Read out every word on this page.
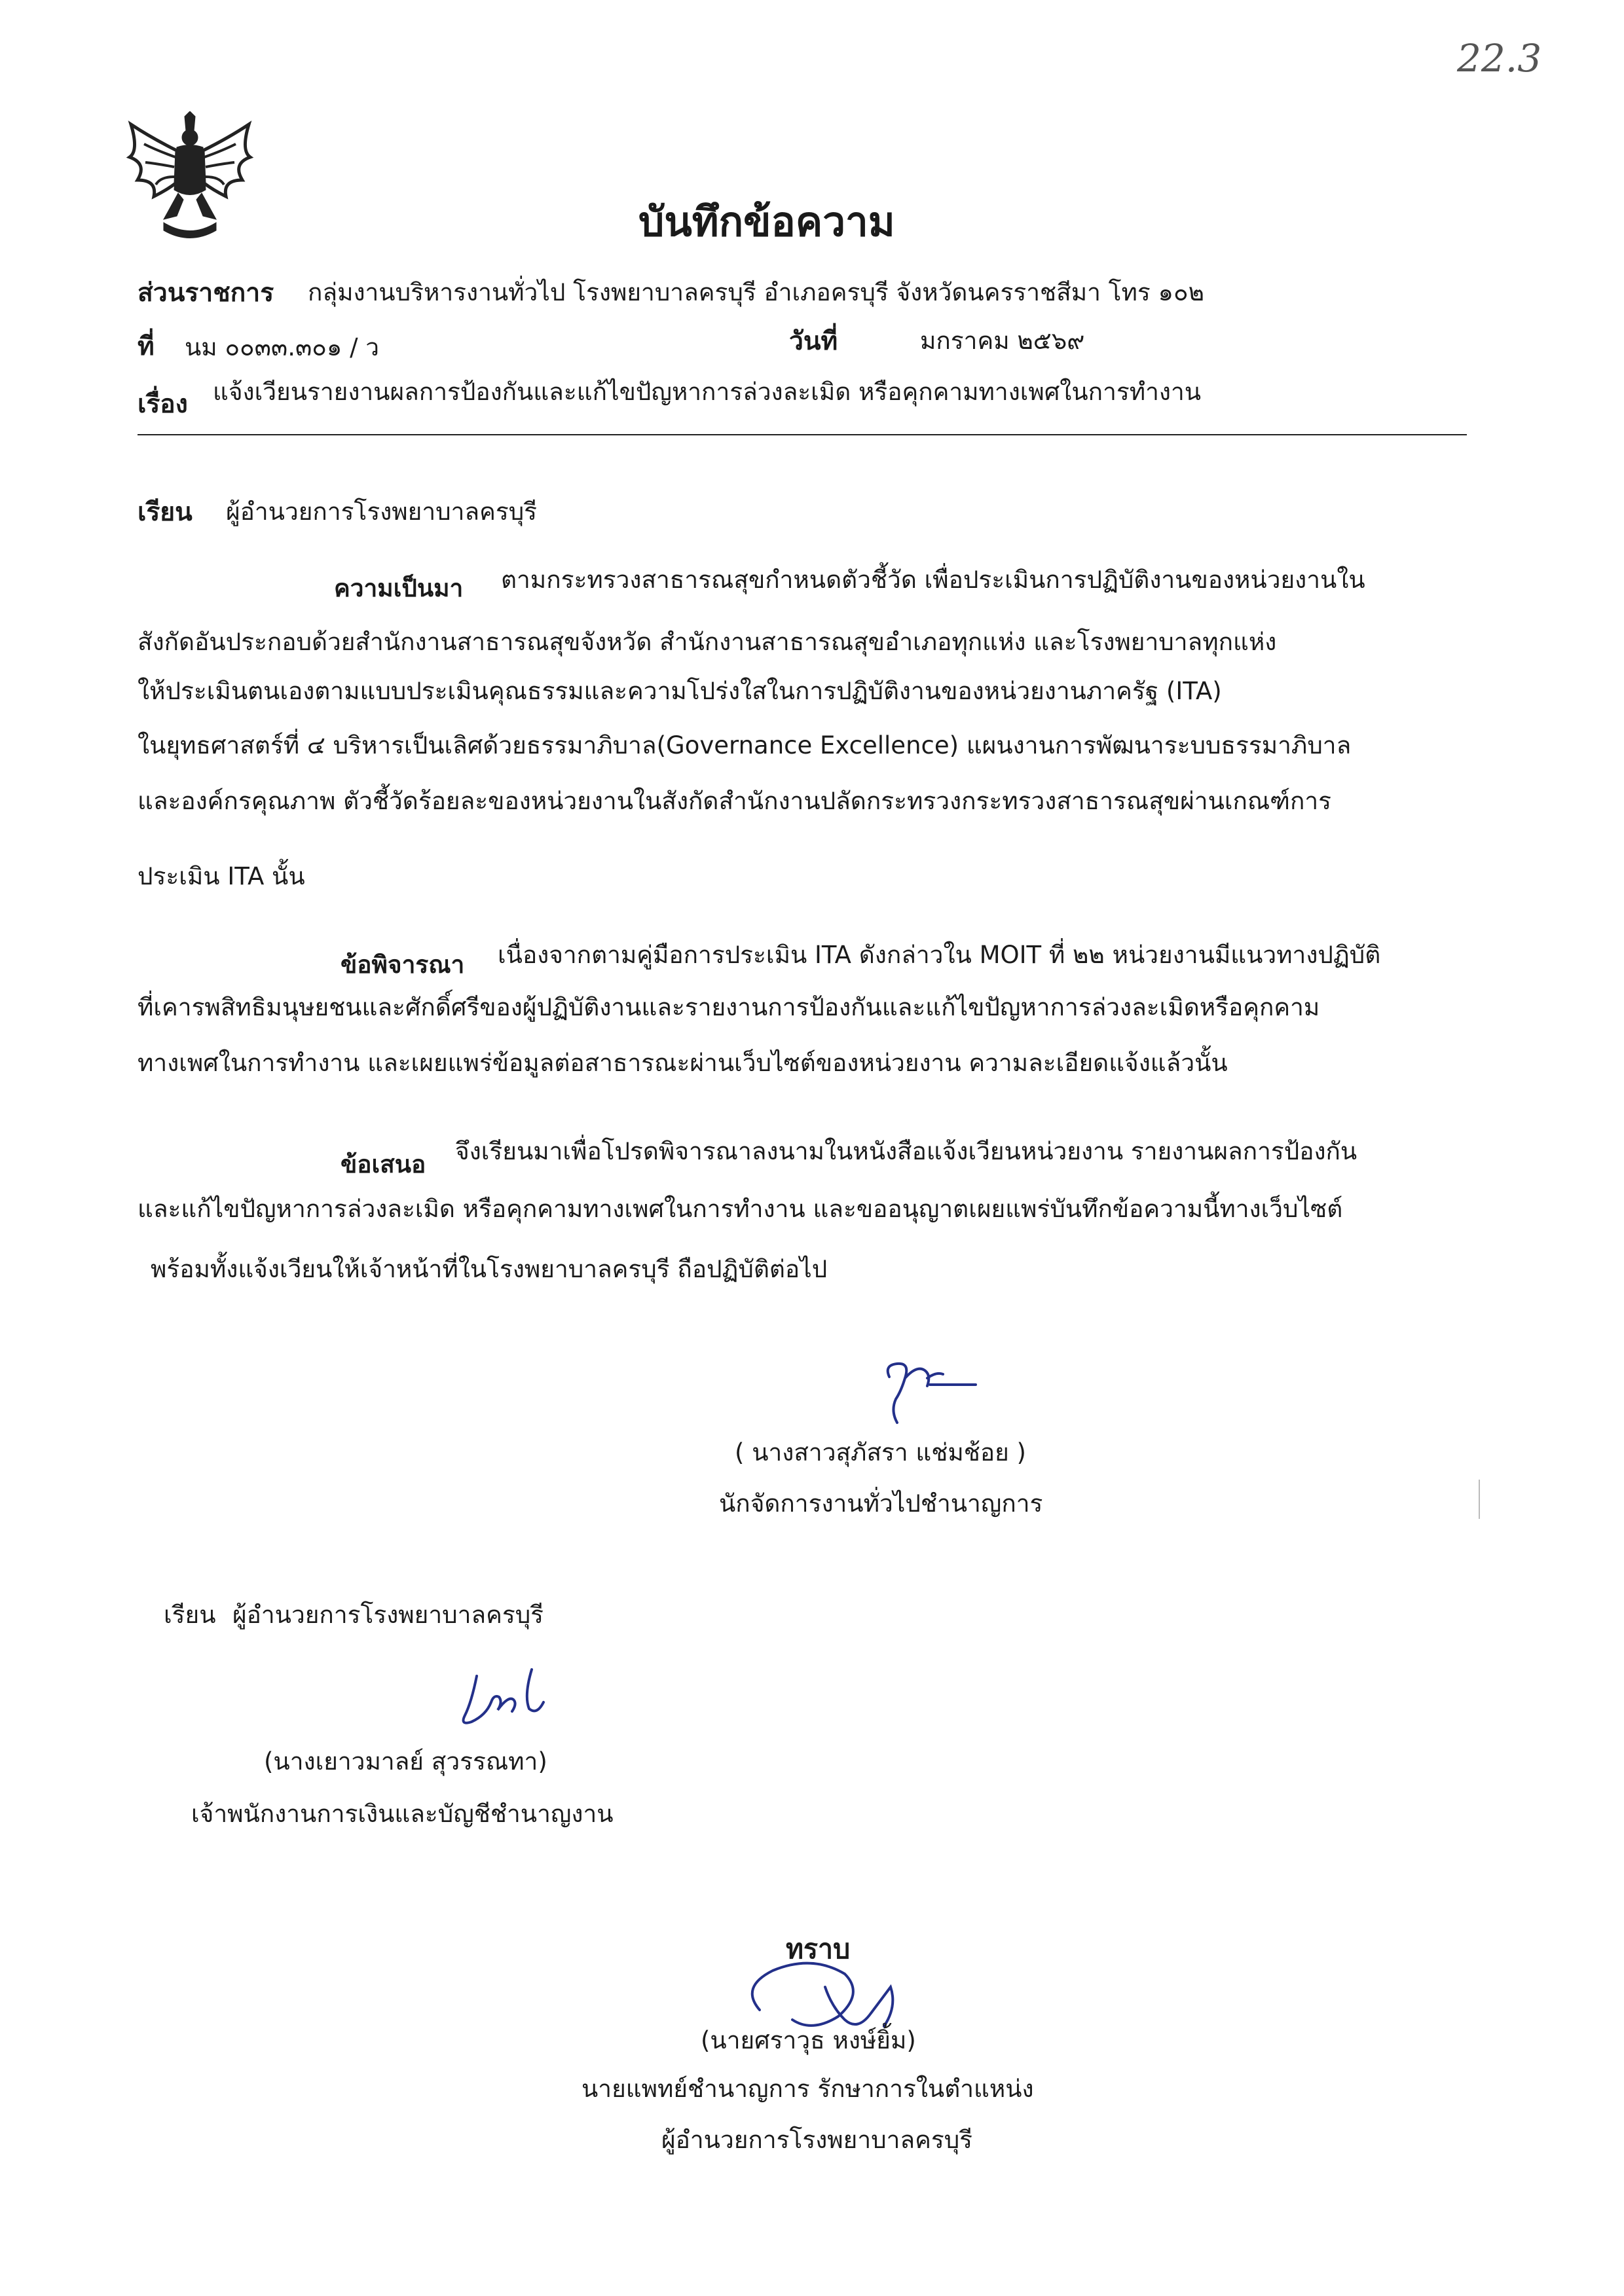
22.3
บันทึกข้อความ
ส่วนราชการ กลุ่มงานบริหารงานทั่วไป โรงพยาบาลครบุรี อำเภอครบุรี จังหวัดนครราชสีมา โทร ๑๐๒
ที่ นม ๐๐๓๓.๓๐๑ / ว	วันที่	มกราคม ๒๕๖๙
เรื่อง แจ้งเวียนรายงานผลการป้องกันและแก้ไขปัญหาการล่วงละเมิด หรือคุกคามทางเพศในการทำงาน
เรียน ผู้อำนวยการโรงพยาบาลครบุรี
ความเป็นมา ตามกระทรวงสาธารณสุขกำหนดตัวชี้วัด เพื่อประเมินการปฏิบัติงานของหน่วยงานใน
สังกัดอันประกอบด้วยสำนักงานสาธารณสุขจังหวัด สำนักงานสาธารณสุขอำเภอทุกแห่ง และโรงพยาบาลทุกแห่ง
ให้ประเมินตนเองตามแบบประเมินคุณธรรมและความโปร่งใสในการปฏิบัติงานของหน่วยงานภาครัฐ (ITA)
ในยุทธศาสตร์ที่ ๔ บริหารเป็นเลิศด้วยธรรมาภิบาล(Governance Excellence) แผนงานการพัฒนาระบบธรรมาภิบาล
และองค์กรคุณภาพ ตัวชี้วัดร้อยละของหน่วยงานในสังกัดสำนักงานปลัดกระทรวงกระทรวงสาธารณสุขผ่านเกณฑ์การ
ประเมิน ITA นั้น
ข้อพิจารณา เนื่องจากตามคู่มือการประเมิน ITA ดังกล่าวใน MOIT ที่ ๒๒ หน่วยงานมีแนวทางปฏิบัติ
ที่เคารพสิทธิมนุษยชนและศักดิ์ศรีของผู้ปฏิบัติงานและรายงานการป้องกันและแก้ไขปัญหาการล่วงละเมิดหรือคุกคาม
ทางเพศในการทำงาน และเผยแพร่ข้อมูลต่อสาธารณะผ่านเว็บไซต์ของหน่วยงาน ความละเอียดแจ้งแล้วนั้น
ข้อเสนอ จึงเรียนมาเพื่อโปรดพิจารณาลงนามในหนังสือแจ้งเวียนหน่วยงาน รายงานผลการป้องกัน
และแก้ไขปัญหาการล่วงละเมิด หรือคุกคามทางเพศในการทำงาน และขออนุญาตเผยแพร่บันทึกข้อความนี้ทางเว็บไซต์
พร้อมทั้งแจ้งเวียนให้เจ้าหน้าที่ในโรงพยาบาลครบุรี ถือปฏิบัติต่อไป
( นางสาวสุภัสรา แช่มช้อย )
นักจัดการงานทั่วไปชำนาญการ
เรียน ผู้อำนวยการโรงพยาบาลครบุรี
(นางเยาวมาลย์ สุวรรณทา)
เจ้าพนักงานการเงินและบัญชีชำนาญงาน
ทราบ
(นายศราวุธ หงษ์ยิ้ม)
นายแพทย์ชำนาญการ รักษาการในตำแหน่ง
ผู้อำนวยการโรงพยาบาลครบุรี
